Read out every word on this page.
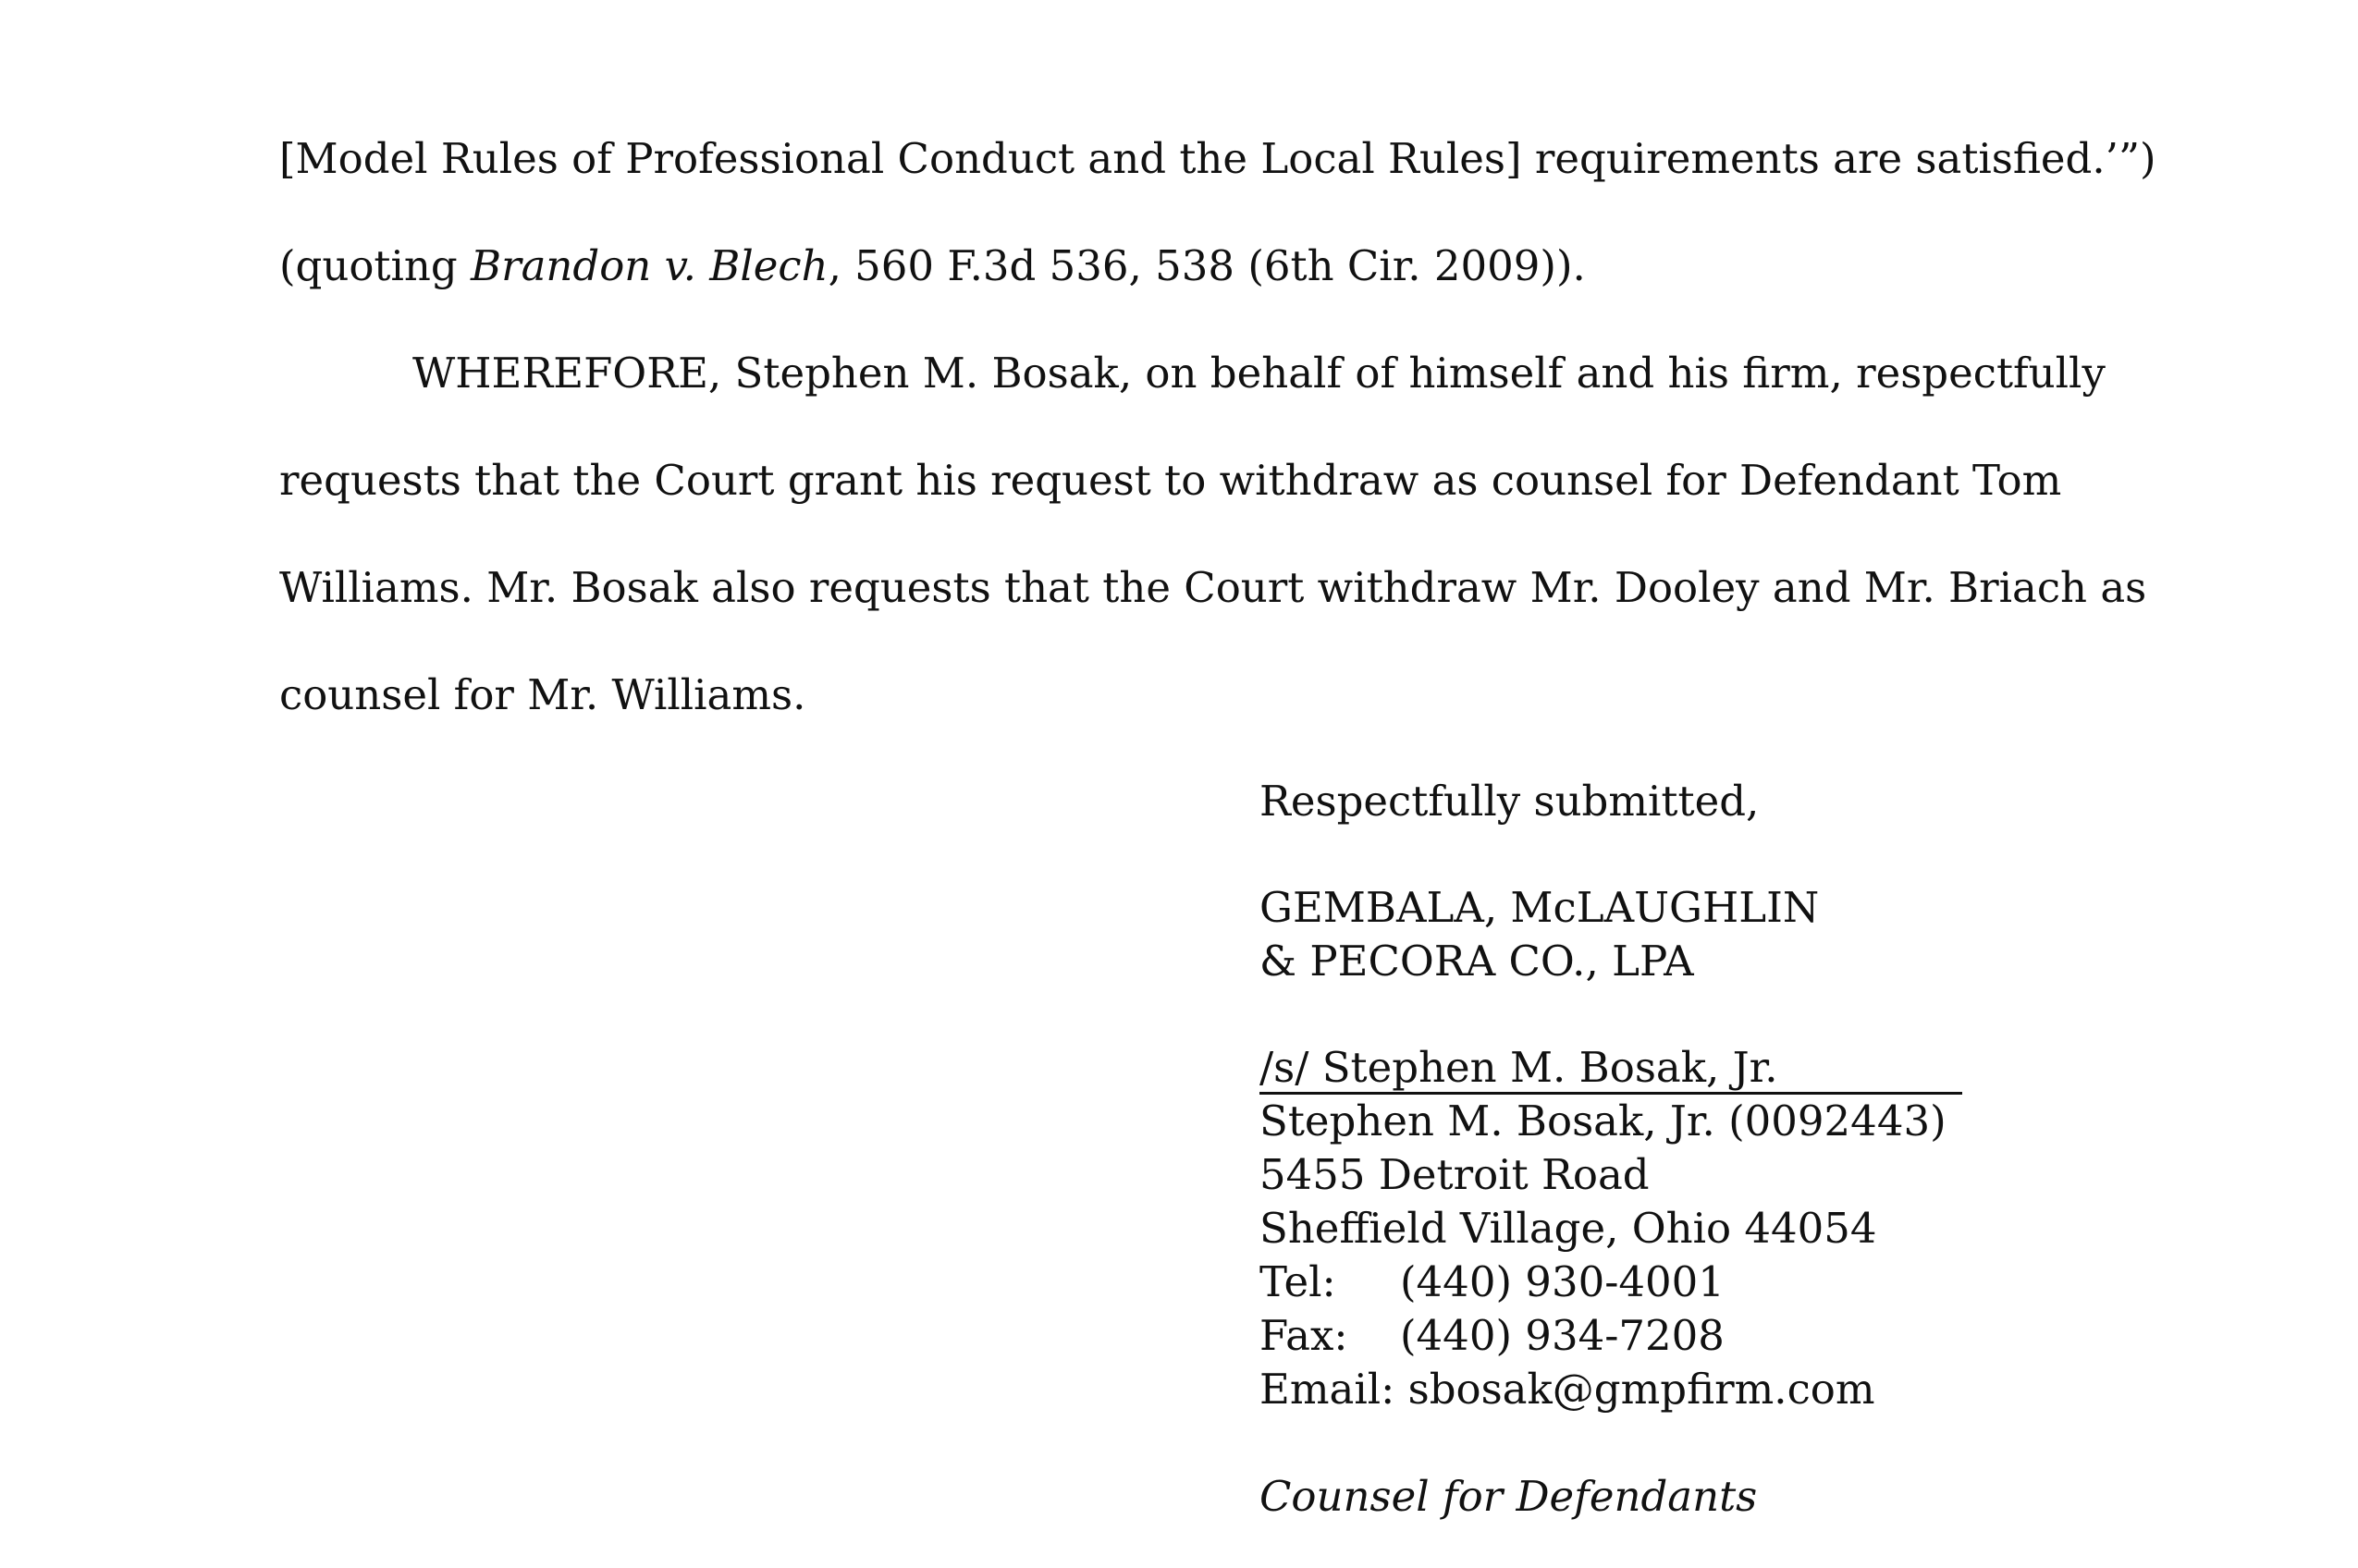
[Model Rules of Professional Conduct and the Local Rules] requirements are satisfied.’”)
(quoting Brandon v. Blech, 560 F.3d 536, 538 (6th Cir. 2009)).
WHEREFORE, Stephen M. Bosak, on behalf of himself and his firm, respectfully
requests that the Court grant his request to withdraw as counsel for Defendant Tom
Williams. Mr. Bosak also requests that the Court withdraw Mr. Dooley and Mr. Briach as
counsel for Mr. Williams.
Respectfully submitted,
GEMBALA, McLAUGHLIN
& PECORA CO., LPA
/s/ Stephen M. Bosak, Jr.
Stephen M. Bosak, Jr. (0092443)
5455 Detroit Road
Sheffield Village, Ohio 44054
Tel: (440) 930-4001
Fax: (440) 934-7208
Email: sbosak@gmpfirm.com
Counsel for Defendants
